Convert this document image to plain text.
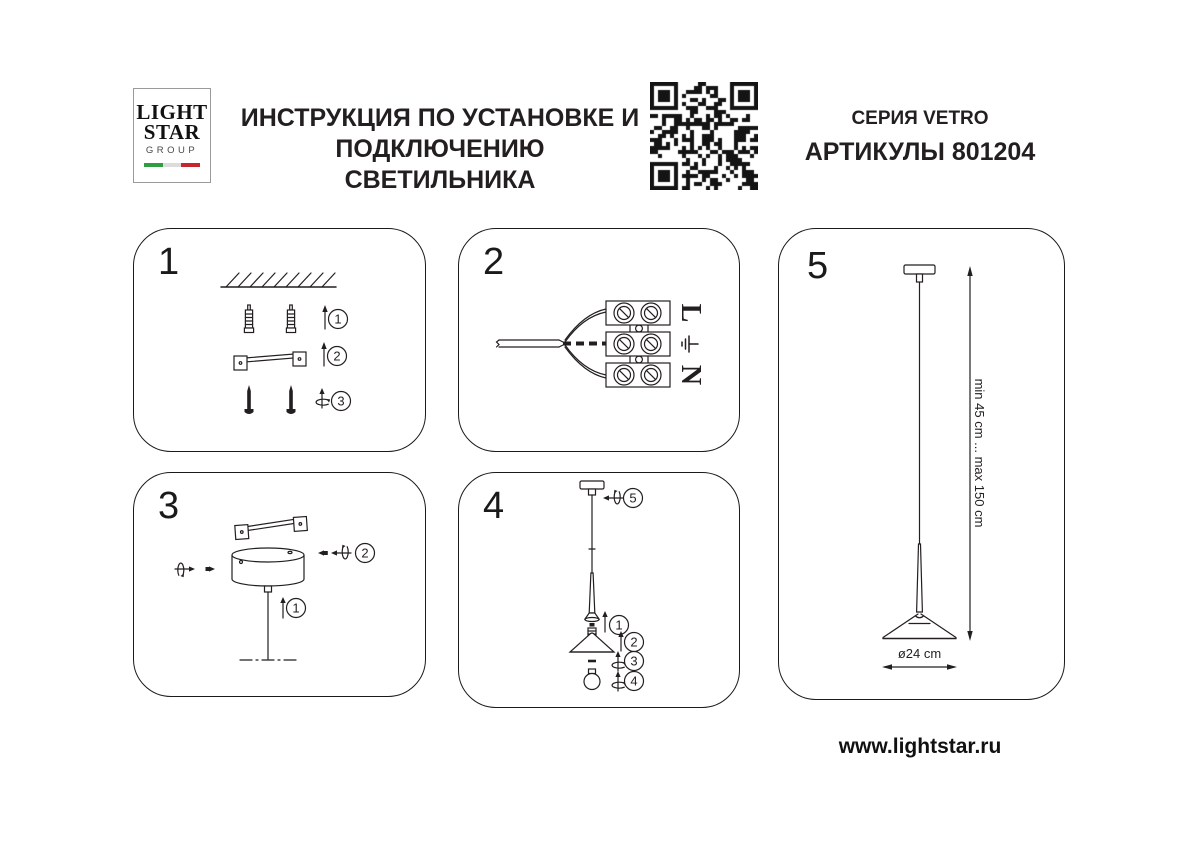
LIGHT
STAR
GROUP
ИНСТРУКЦИЯ ПО УСТАНОВКЕ И
ПОДКЛЮЧЕНИЮ СВЕТИЛЬНИКА
СЕРИЯ VETRO
АРТИКУЛЫ 801204
1
1
2
3
2
L
N
3
2
1
4	5
1
2
3
4
5
min 45 cm ... max 150 cm
ø24 cm
www.lightstar.ru
